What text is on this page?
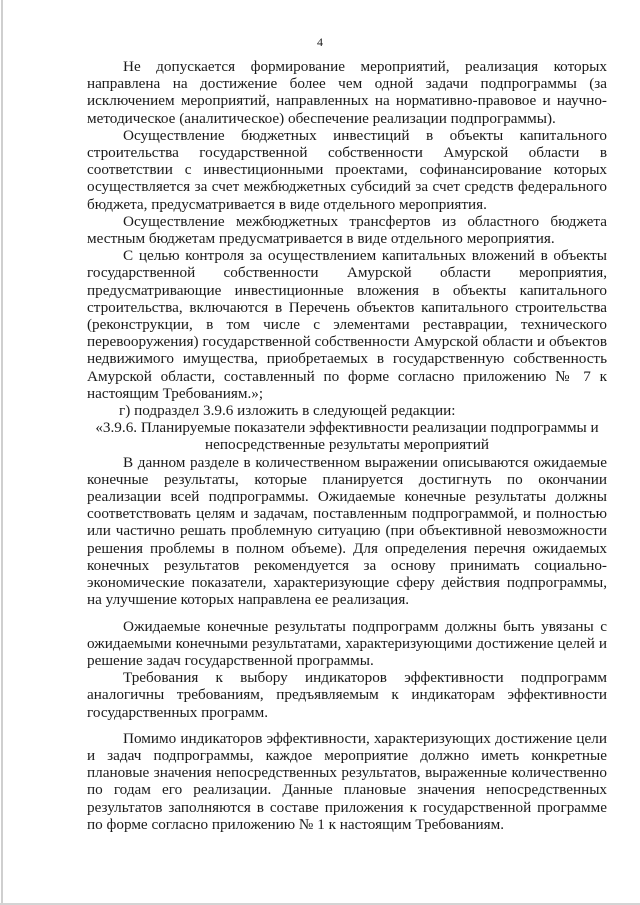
4

Не допускается формирование мероприятий, реализация которых направлена на достижение более чем одной задачи подпрограммы (за исключением мероприятий, направленных на нормативно-правовое и научно-методическое (аналитическое) обеспечение реализации подпрограммы).

Осуществление бюджетных инвестиций в объекты капитального строительства государственной собственности Амурской области в соответствии с инвестиционными проектами, софинансирование которых осуществляется за счет межбюджетных субсидий за счет средств федерального бюджета, предусматривается в виде отдельного мероприятия.

Осуществление межбюджетных трансфертов из областного бюджета местным бюджетам предусматривается в виде отдельного мероприятия.

С целью контроля за осуществлением капитальных вложений в объекты государственной собственности Амурской области мероприятия, предусматривающие инвестиционные вложения в объекты капитального строительства, включаются в Перечень объектов капитального строительства (реконструкции, в том числе с элементами реставрации, технического перевооружения) государственной собственности Амурской области и объектов недвижимого имущества, приобретаемых в государственную собственность Амурской области, составленный по форме согласно приложению № 7 к настоящим Требованиям.»;

г) подраздел 3.9.6 изложить в следующей редакции:

«3.9.6. Планируемые показатели эффективности реализации подпрограммы и непосредственные результаты мероприятий

В данном разделе в количественном выражении описываются ожидаемые конечные результаты, которые планируется достигнуть по окончании реализации всей подпрограммы. Ожидаемые конечные результаты должны соответствовать целям и задачам, поставленным подпрограммой, и полностью или частично решать проблемную ситуацию (при объективной невозможности решения проблемы в полном объеме). Для определения перечня ожидаемых конечных результатов рекомендуется за основу принимать социально-экономические показатели, характеризующие сферу действия подпрограммы, на улучшение которых направлена ее реализация.

Ожидаемые конечные результаты подпрограмм должны быть увязаны с ожидаемыми конечными результатами, характеризующими достижение целей и решение задач государственной программы.

Требования к выбору индикаторов эффективности подпрограмм аналогичны требованиям, предъявляемым к индикаторам эффективности государственных программ.

Помимо индикаторов эффективности, характеризующих достижение цели и задач подпрограммы, каждое мероприятие должно иметь конкретные плановые значения непосредственных результатов, выраженные количественно по годам его реализации. Данные плановые значения непосредственных результатов заполняются в составе приложения к государственной программе по форме согласно приложению № 1 к настоящим Требованиям.
